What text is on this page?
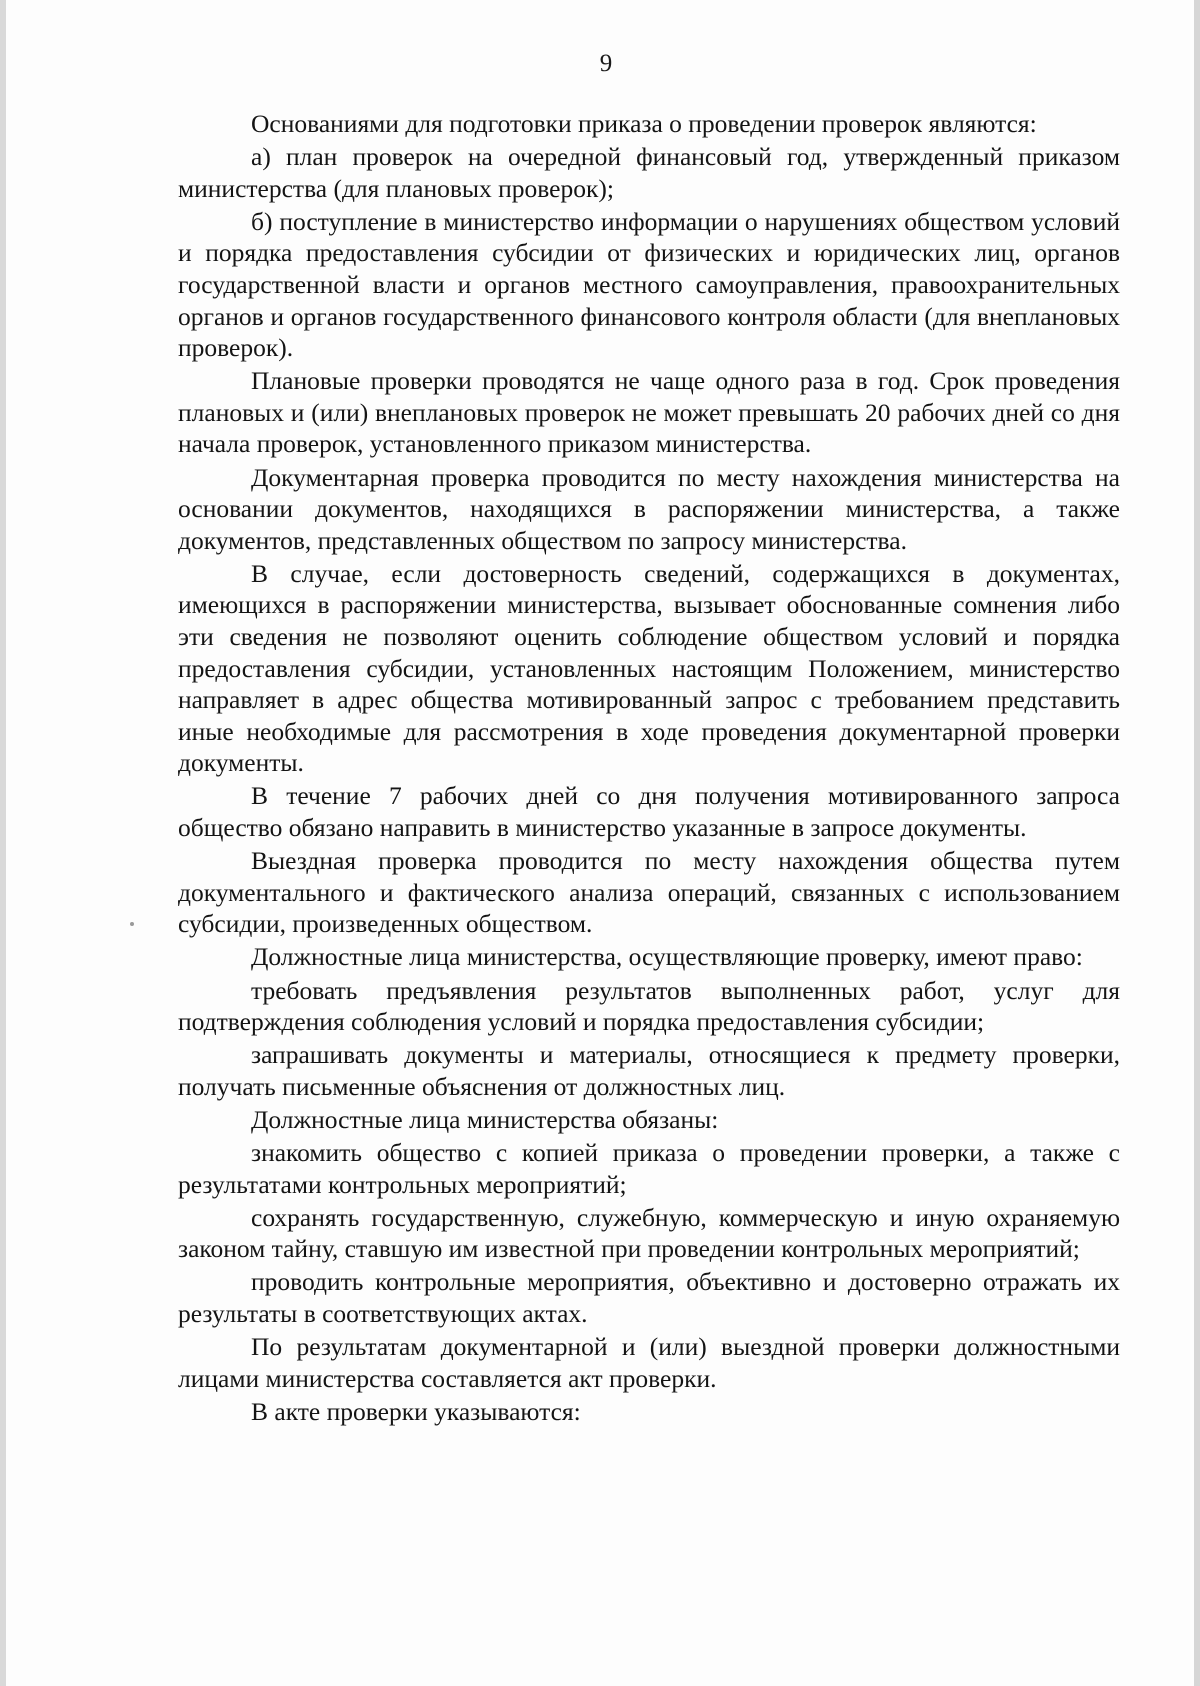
9

Основаниями для подготовки приказа о проведении проверок являются:

а) план проверок на очередной финансовый год, утвержденный приказом министерства (для плановых проверок);

б) поступление в министерство информации о нарушениях обществом условий и порядка предоставления субсидии от физических и юридических лиц, органов государственной власти и органов местного самоуправления, правоохранительных органов и органов государственного финансового контроля области (для внеплановых проверок).

Плановые проверки проводятся не чаще одного раза в год. Срок проведения плановых и (или) внеплановых проверок не может превышать 20 рабочих дней со дня начала проверок, установленного приказом министерства.

Документарная проверка проводится по месту нахождения министерства на основании документов, находящихся в распоряжении министерства, а также документов, представленных обществом по запросу министерства.

В случае, если достоверность сведений, содержащихся в документах, имеющихся в распоряжении министерства, вызывает обоснованные сомнения либо эти сведения не позволяют оценить соблюдение обществом условий и порядка предоставления субсидии, установленных настоящим Положением, министерство направляет в адрес общества мотивированный запрос с требованием представить иные необходимые для рассмотрения в ходе проведения документарной проверки документы.

В течение 7 рабочих дней со дня получения мотивированного запроса общество обязано направить в министерство указанные в запросе документы.

Выездная проверка проводится по месту нахождения общества путем документального и фактического анализа операций, связанных с использованием субсидии, произведенных обществом.

Должностные лица министерства, осуществляющие проверку, имеют право:

требовать предъявления результатов выполненных работ, услуг для подтверждения соблюдения условий и порядка предоставления субсидии;

запрашивать документы и материалы, относящиеся к предмету проверки, получать письменные объяснения от должностных лиц.

Должностные лица министерства обязаны:

знакомить общество с копией приказа о проведении проверки, а также с результатами контрольных мероприятий;

сохранять государственную, служебную, коммерческую и иную охраняемую законом тайну, ставшую им известной при проведении контрольных мероприятий;

проводить контрольные мероприятия, объективно и достоверно отражать их результаты в соответствующих актах.

По результатам документарной и (или) выездной проверки должностными лицами министерства составляется акт проверки.

В акте проверки указываются:
